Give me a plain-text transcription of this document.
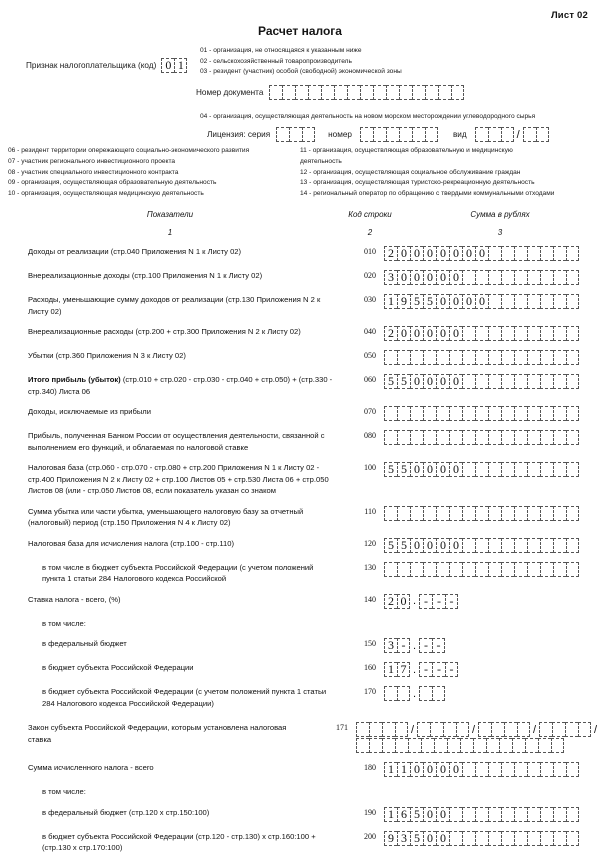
Лист 02
Расчет налога
Признак налогоплательщика (код) 0 1
01 - организация, не относящаяся к указанным ниже
02 - сельскохозяйственный товаропроизводитель
03 - резидент (участник) особой (свободной) экономической зоны
Номер документа
04 - организация, осуществляющая деятельность на новом морском месторождении углеводородного сырья
Лицензия: серия	номер	вид	/
06 - резидент территории опережающего социально-экономического развития
07 - участник регионального инвестиционного проекта
08 - участник специального инвестиционного контракта
09 - организация, осуществляющая образовательную деятельность
10 - организация, осуществляющая медицинскую деятельность
11 - организация, осуществляющая образовательную и медицинскую
деятельность
12 - организация, осуществляющая социальное обслуживание граждан
13 - организация, осуществляющая туристско-рекреационную деятельность
14 - региональный оператор по обращению с твердыми коммунальными отходами
Показатели	Код строки	Сумма в рублях
1	2	3
Доходы от реализации (стр.040 Приложения N 1 к Листу 02)	010	2 0 0 0 0 0 0 0
Внереализационные доходы (стр.100 Приложения N 1 к Листу 02)	020	3 0 0 0 0 0
Расходы, уменьшающие сумму доходов от реализации (стр.130 Приложения N 2 к Листу 02)
030	1 9 5 5 0 0 0 0
Внереализационные расходы (стр.200 + стр.300 Приложения N 2 к Листу 02)	040	2 0 0 0 0 0
Убытки (стр.360 Приложения N 3 к Листу 02)	050
Итого прибыль (убыток) (стр.010 + стр.020 - стр.030 - стр.040 + стр.050) + (стр.330 - стр.340) Листа 06
060	5 5 0 0 0 0
Доходы, исключаемые из прибыли	070
Прибыль, полученная Банком России от осуществления деятельности, связанной с выполнением его функций, и облагаемая по налоговой ставке
080
Налоговая база (стр.060 - стр.070 - стр.080 + стр.200 Приложения N 1 к Листу 02 - стр.400 Приложения N 2 к Листу 02 + стр.100 Листов 05 + стр.530 Листа 06 + стр.050 Листов 08 (или - стр.050 Листов 08, если показатель указан со знаком
100	5 5 0 0 0 0
Сумма убытка или части убытка, уменьшающего налоговую базу за отчетный (налоговый) период (стр.150 Приложения N 4 к Листу 02)
110
Налоговая база для исчисления налога (стр.100 - стр.110)	120	5 5 0 0 0 0
в том числе в бюджет субъекта Российской Федерации (с учетом положений пункта 1 статьи 284 Налогового кодекса Российской
130
Ставка налога - всего, (%)	140	2 0 . - - -
в том числе:
в федеральный бюджет	150	3 - . - -
в бюджет субъекта Российской Федерации	160	1 7 . - - -
в бюджет субъекта Российской Федерации (с учетом положений пункта 1 статьи 284 Налогового кодекса Российской Федерации)
170	.
Закон субъекта Российской Федерации, которым установлена налоговая ставка
171	/	/	/	/
Сумма исчисленного налога - всего	180	1 1 0 0 0 0
в том числе:
в федеральный бюджет (стр.120 х стр.150:100)	190	1 6 5 0 0
в бюджет субъекта Российской Федерации (стр.120 - стр.130) х стр.160:100 + (стр.130 х стр.170:100)
200	9 3 5 0 0
